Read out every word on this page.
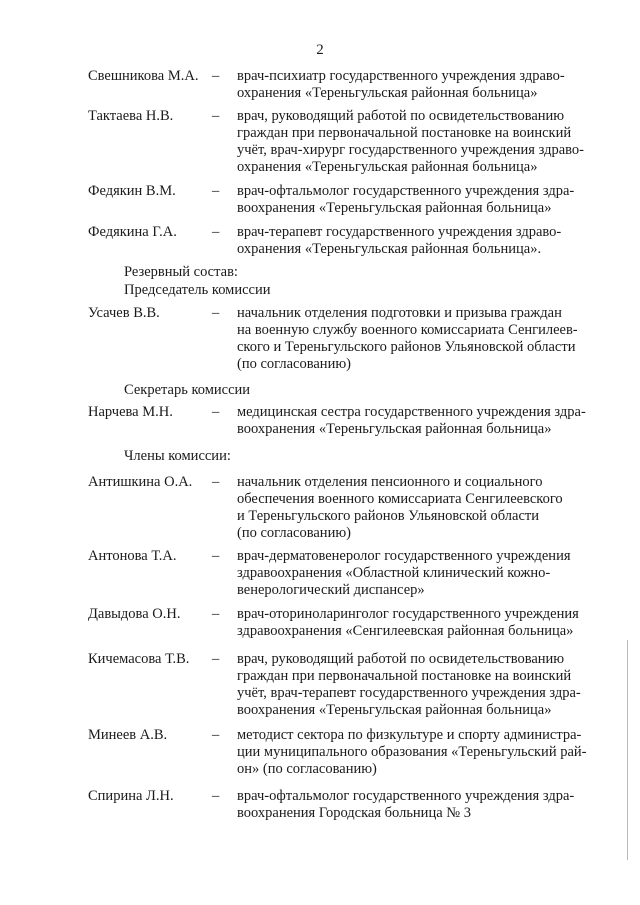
2
Свешникова М.А. – врач-психиатр государственного учреждения здраво-
охранения «Тереньгульская районная больница»
Тактаева Н.В.	– врач, руководящий работой по освидетельствованию
граждан при первоначальной постановке на воинский
учёт, врач-хирург государственного учреждения здраво-
охранения «Тереньгульская районная больница»
Федякин В.М. – врач-офтальмолог государственного учреждения здра-
воохранения «Тереньгульская районная больница»
Федякина Г.А. – врач-терапевт государственного учреждения здраво-
охранения «Тереньгульская районная больница».
Резервный состав:
Председатель комиссии
Усачев В.В.	– начальник отделения подготовки и призыва граждан
на военную службу военного комиссариата Сенгилеев-
ского и Тереньгульского районов Ульяновской области
(по согласованию)
Секретарь комиссии
Нарчева М.Н.	– медицинская сестра государственного учреждения здра-
воохранения «Тереньгульская районная больница»
Члены комиссии:
Антишкина О.А. – начальник отделения пенсионного и социального
обеспечения военного комиссариата Сенгилеевского
и Тереньгульского районов Ульяновской области
(по согласованию)
Антонова Т.А. – врач-дерматовенеролог государственного учреждения
здравоохранения «Областной клинический кожно-
венерологический диспансер»
Давыдова О.Н. – врач-оториноларинголог государственного учреждения
здравоохранения «Сенгилеевская районная больница»
Кичемасова Т.В. – врач, руководящий работой по освидетельствованию
граждан при первоначальной постановке на воинский
учёт, врач-терапевт государственного учреждения здра-
воохранения «Тереньгульская районная больница»
Минеев А.В.	– методист сектора по физкультуре и спорту администра-
ции муниципального образования «Тереньгульский рай-
он» (по согласованию)
Спирина Л.Н.	– врач-офтальмолог государственного учреждения здра-
воохранения Городская больница № 3
